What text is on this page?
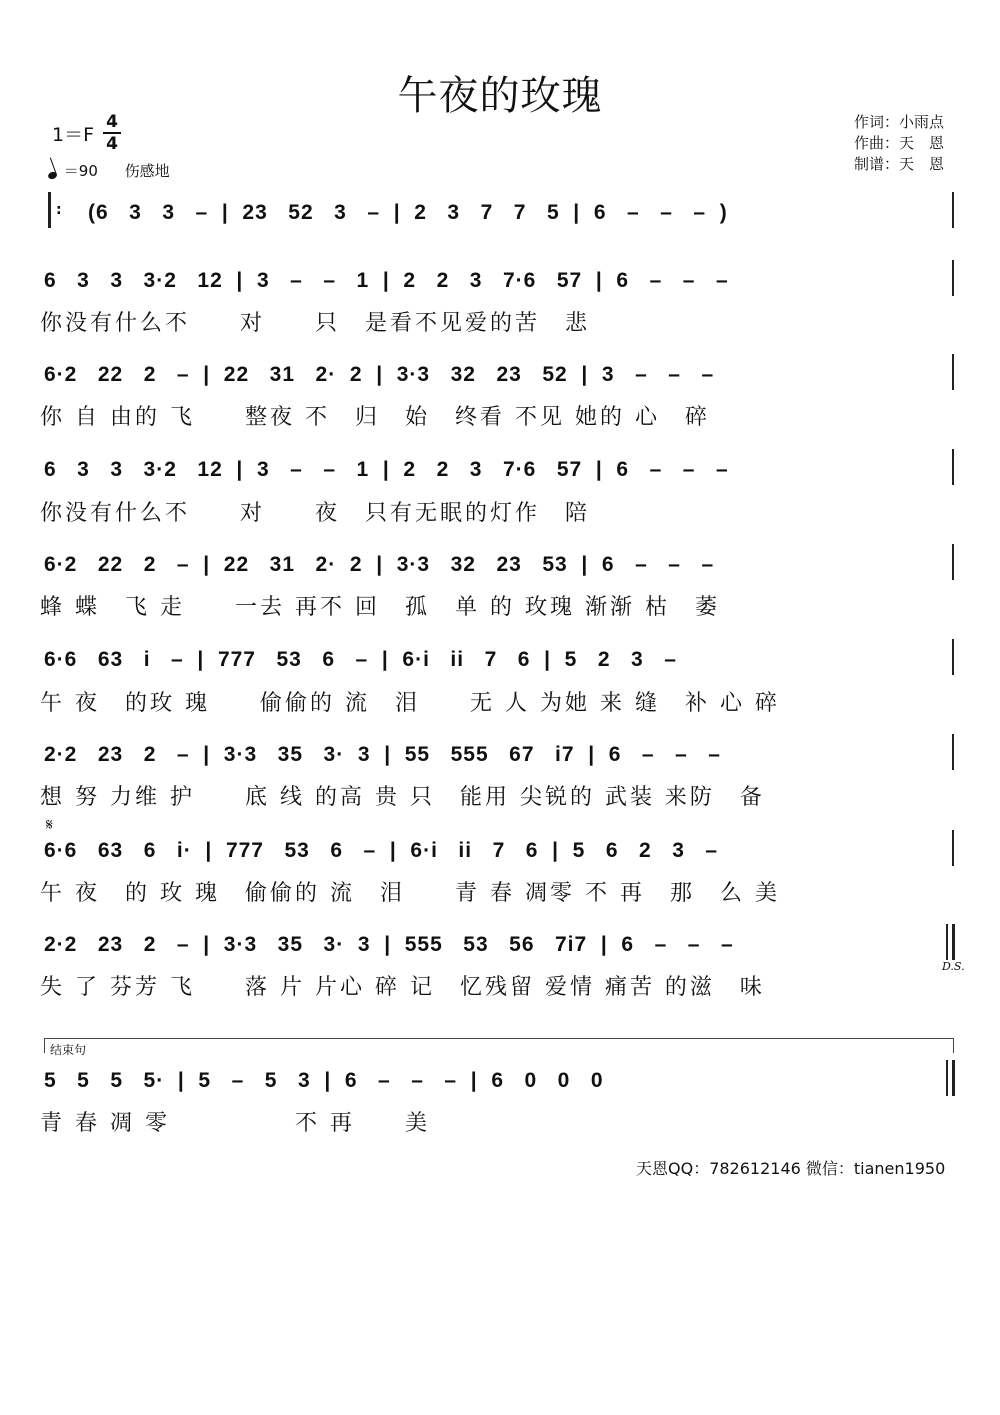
午夜的玫瑰
1＝F
4
4
＝90 伤感地
作词：小雨点
作曲：天　恩
制谱：天　恩
: (6   3   3   –  |  23   52   3   –  |  2   3   7   7   5  |  6   –   –   –  )
6   3   3   3·2   12  |  3   –   –   1  |  2   2   3   7·6   57  |  6   –   –   –
你没有什么不　　对　　只　是看不见爱的苦　悲
6·2   22   2   –  |  22   31   2·  2  |  3·3   32   23   52  |  3   –   –   –
你 自 由的 飞　　整夜 不　归　始　终看 不见 她的 心　碎
6   3   3   3·2   12  |  3   –   –   1  |  2   2   3   7·6   57  |  6   –   –   –
你没有什么不　　对　　夜　只有无眠的灯作　陪
6·2   22   2   –  |  22   31   2·  2  |  3·3   32   23   53  |  6   –   –   –
蜂 蝶　飞 走　　一去 再不 回　孤　单 的 玫瑰 渐渐 枯　萎
6·6   63   i   –  |  777   53   6   –  |  6·i   ii   7   6  |  5   2   3   –
午 夜　的玫 瑰　　偷偷的 流　泪　　无 人 为她 来 缝　补 心 碎
2·2   23   2   –  |  3·3   35   3·  3  |  55   555   67   i7  |  6   –   –   –
想 努 力维 护　　底 线 的高 贵 只　能用 尖锐的 武装 来防　备
𝄋
6·6   63   6   i·  |  777   53   6   –  |  6·i   ii   7   6  |  5   6   2   3   –
午 夜　的 玫 瑰　偷偷的 流　泪　　青 春 凋零 不 再　那　么 美
2·2   23   2   –  |  3·3   35   3·  3  |  555   53   56   7i7  |  6   –   –   –
D.S.
失 了 芬芳 飞　　落 片 片心 碎 记　忆残留 爱情 痛苦 的滋　味
结束句
5   5   5   5·  |  5   –   5   3  |  6   –   –   –  |  6   0   0   0
青 春 凋 零　　　　　不 再　　美
天恩QQ：782612146 微信：tianen1950
